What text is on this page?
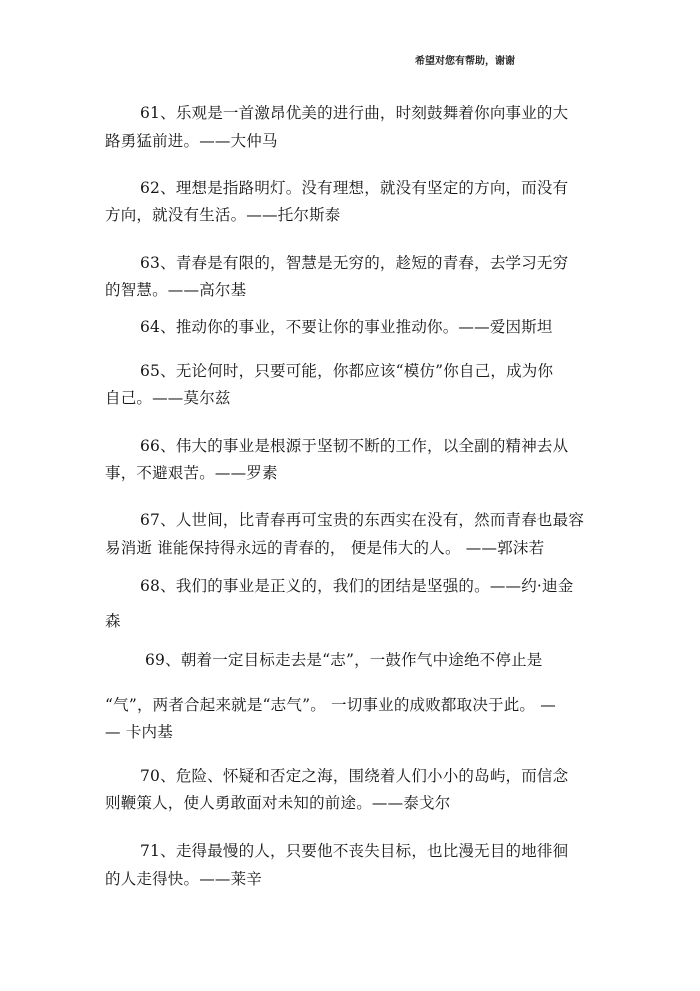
希望对您有帮助，谢谢
61、乐观是一首激昂优美的进行曲，时刻鼓舞着你向事业的大
路勇猛前进。——大仲马
62、理想是指路明灯。没有理想，就没有坚定的方向，而没有
方向，就没有生活。——托尔斯泰
63、青春是有限的，智慧是无穷的，趁短的青春，去学习无穷
的智慧。——高尔基
64、推动你的事业，不要让你的事业推动你。——爱因斯坦
65、无论何时，只要可能，你都应该“模仿”你自己，成为你
自己。——莫尔兹
66、伟大的事业是根源于坚韧不断的工作，以全副的精神去从
事，不避艰苦。——罗素
67、人世间，比青春再可宝贵的东西实在没有，然而青春也最容
易消逝 谁能保持得永远的青春的， 便是伟大的人。 ——郭沫若
68、我们的事业是正义的，我们的团结是坚强的。——约·迪金
森
69、朝着一定目标走去是“志”，一鼓作气中途绝不停止是
“气”，两者合起来就是“志气”。 一切事业的成败都取决于此。 —
— 卡内基
70、危险、怀疑和否定之海，围绕着人们小小的岛屿，而信念
则鞭策人，使人勇敢面对未知的前途。——泰戈尔
71、走得最慢的人，只要他不丧失目标，也比漫无目的地徘徊
的人走得快。——莱辛
